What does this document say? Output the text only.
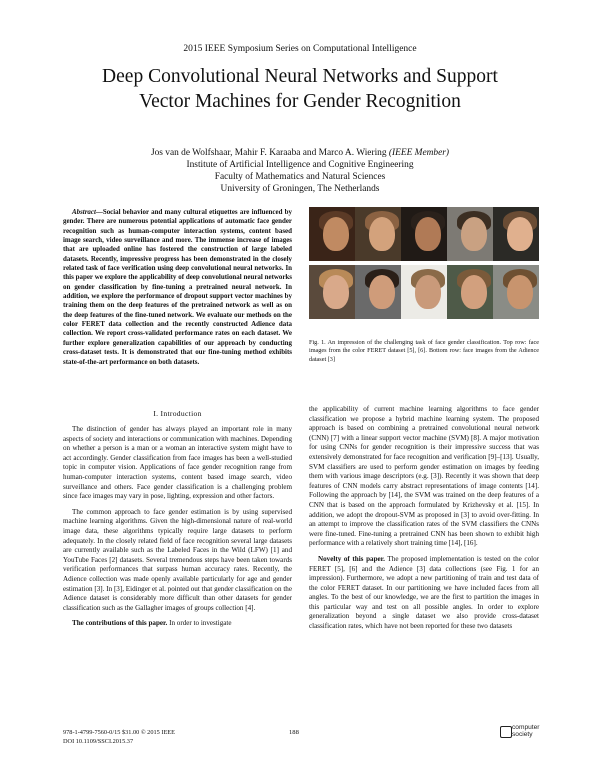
2015 IEEE Symposium Series on Computational Intelligence
Deep Convolutional Neural Networks and Support
Vector Machines for Gender Recognition
Jos van de Wolfshaar, Mahir F. Karaaba and Marco A. Wiering (IEEE Member)
Institute of Artificial Intelligence and Cognitive Engineering
Faculty of Mathematics and Natural Sciences
University of Groningen, The Netherlands

Abstract—Social behavior and many cultural etiquettes are influenced by gender. There are numerous potential applications of automatic face gender recognition such as human-computer interaction systems, content based image search, video surveillance and more. The immense increase of images that are uploaded online has fostered the construction of large labeled datasets. Recently, impressive progress has been demonstrated in the closely related task of face verification using deep convolutional neural networks. In this paper we explore the applicability of deep convolutional neural networks on gender classification by fine-tuning a pretrained neural network. In addition, we explore the performance of dropout support vector machines by training them on the deep features of the pretrained network as well as on the deep features of the fine-tuned network. We evaluate our methods on the color FERET data collection and the recently constructed Adience data collection. We report cross-validated performance rates on each dataset. We further explore generalization capabilities of our approach by conducting cross-dataset tests. It is demonstrated that our fine-tuning method exhibits state-of-the-art performance on both datasets.

I. Introduction

The distinction of gender has always played an important role in many aspects of society and interactions or communication with machines. Depending on whether a person is a man or a woman an interactive system might have to act accordingly. Gender classification from face images has been a well-studied topic in computer vision. Applications of face gender recognition range from human-computer interaction systems, content based image search, video surveillance and others. Face gender classification is a challenging problem since face images may vary in pose, lighting, expression and other factors.

The common approach to face gender estimation is by using supervised machine learning algorithms. Given the high-dimensional nature of real-world image data, these algorithms typically require large datasets to perform adequately. In the closely related field of face recognition several large datasets are currently available such as the Labeled Faces in the Wild (LFW) [1] and YouTube Faces [2] datasets. Several tremendous steps have been taken towards verification performances that surpass human accuracy rates. Recently, the Adience collection was made openly available particularly for age and gender estimation [3]. In [3], Eidinger et al. pointed out that gender classification on the Adience dataset is considerably more difficult than other datasets for gender classification such as the Gallagher images of groups collection [4].

The contributions of this paper. In order to investigate

Fig. 1. An impression of the challenging task of face gender classification. Top row: face images from the color FERET dataset [5], [6]. Bottom row: face images from the Adience dataset [3]

the applicability of current machine learning algorithms to face gender classification we propose a hybrid machine learning system. The proposed approach is based on combining a pretrained convolutional neural network (CNN) [7] with a linear support vector machine (SVM) [8]. A major motivation for using CNNs for gender recognition is their impressive success that was extensively demonstrated for face recognition and verification [9]–[13]. Usually, SVM classifiers are used to perform gender estimation on images by feeding them with various image descriptors (e.g. [3]). Recently it was shown that deep features of CNN models carry abstract representations of image contents [14]. Following the approach by [14], the SVM was trained on the deep features of a CNN that is based on the approach formulated by Krizhevsky et al. [15]. In addition, we adopt the dropout-SVM as proposed in [3] to avoid over-fitting. In an attempt to improve the classification rates of the SVM classifiers the CNNs were fine-tuned. Fine-tuning a pretrained CNN has been shown to exhibit high performance with a relatively short training time [14], [16].

Novelty of this paper. The proposed implementation is tested on the color FERET [5], [6] and the Adience [3] data collections (see Fig. 1 for an impression). Furthermore, we adopt a new partitioning of train and test data of the color FERET dataset. In our partitioning we have included faces from all angles. To the best of our knowledge, we are the first to partition the images in this particular way and test on all possible angles. In order to explore generalization beyond a single dataset we also provide cross-dataset classification rates, which have not been reported for these two datasets

978-1-4799-7560-0/15 $31.00 © 2015 IEEE
DOI 10.1109/SSCI.2015.37
188
computer
society
